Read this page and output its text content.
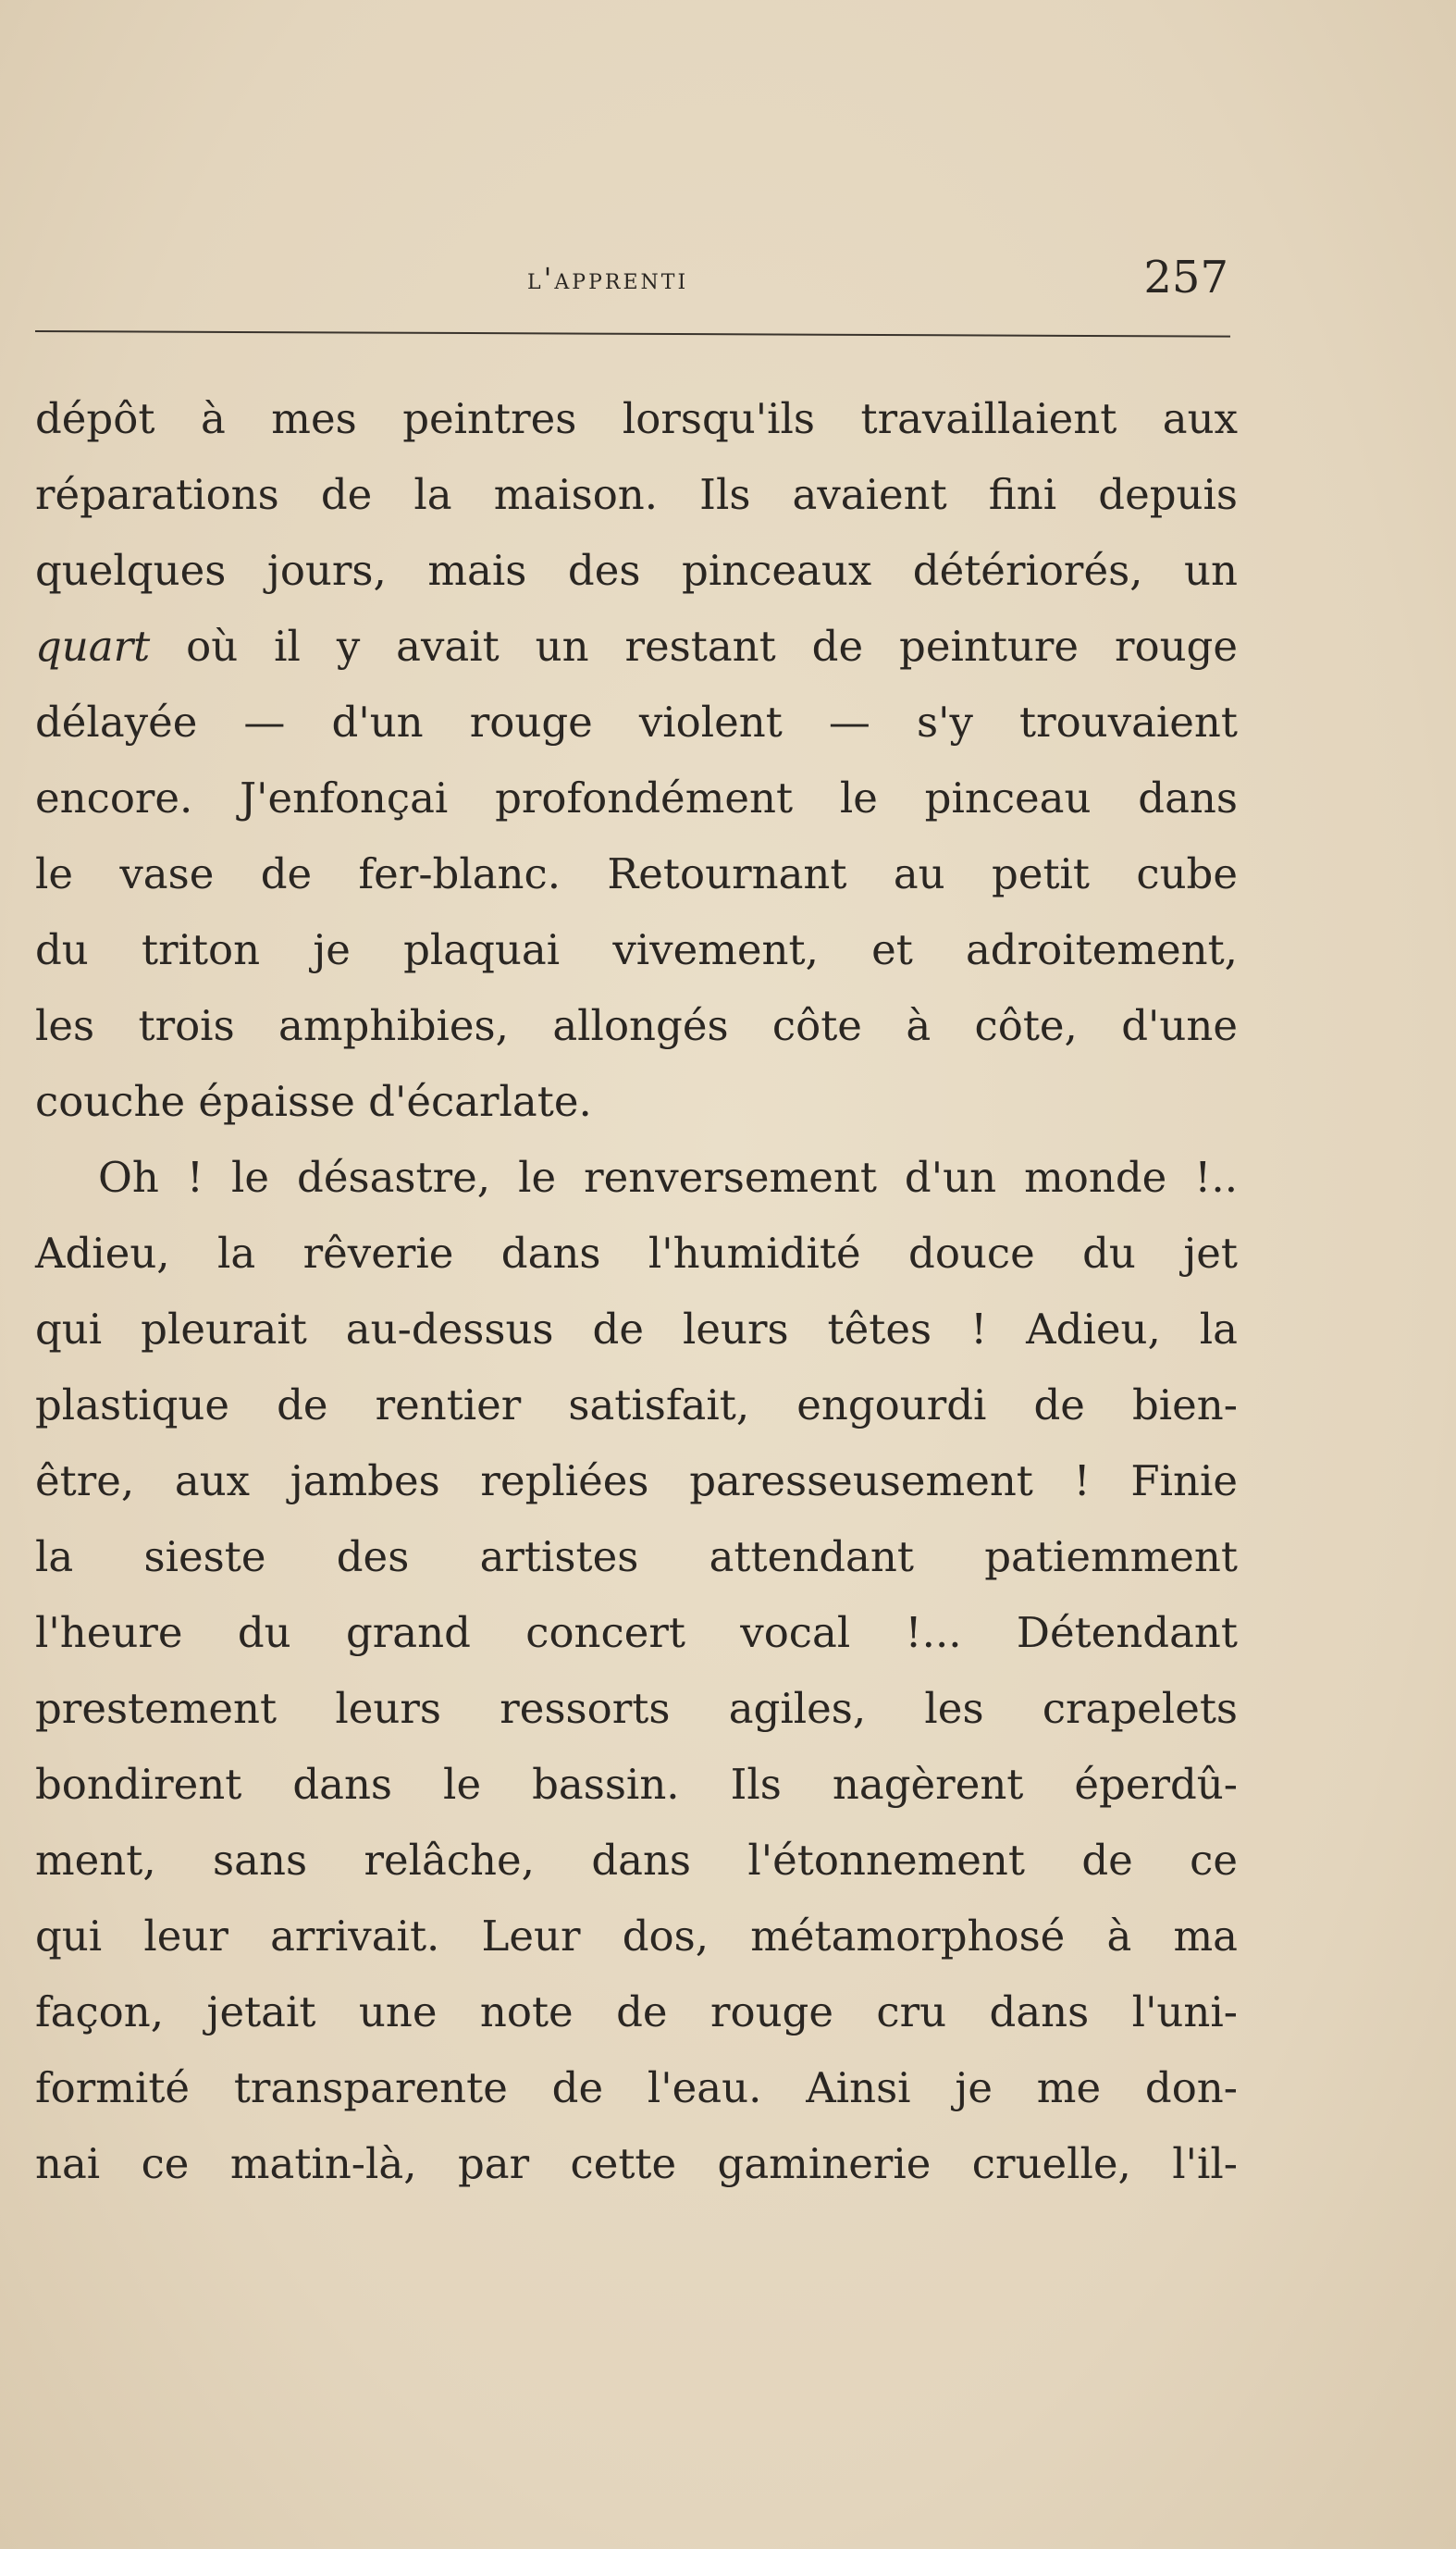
l'apprenti	257
dépôt à mes peintres lorsqu'ils travaillaient aux
réparations de la maison. Ils avaient fini depuis
quelques jours, mais des pinceaux détériorés, un
quart où il y avait un restant de peinture rouge
délayée — d'un rouge violent — s'y trouvaient
encore. J'enfonçai profondément le pinceau dans
le vase de fer-blanc. Retournant au petit cube
du triton je plaquai vivement, et adroitement,
les trois amphibies, allongés côte à côte, d'une
couche épaisse d'écarlate.
Oh ! le désastre, le renversement d'un monde !..
Adieu, la rêverie dans l'humidité douce du jet
qui pleurait au-dessus de leurs têtes ! Adieu, la
plastique de rentier satisfait, engourdi de bien-
être, aux jambes repliées paresseusement ! Finie
la sieste des artistes attendant patiemment
l'heure du grand concert vocal !... Détendant
prestement leurs ressorts agiles, les crapelets
bondirent dans le bassin. Ils nagèrent éperdû-
ment, sans relâche, dans l'étonnement de ce
qui leur arrivait. Leur dos, métamorphosé à ma
façon, jetait une note de rouge cru dans l'uni-
formité transparente de l'eau. Ainsi je me don-
nai ce matin-là, par cette gaminerie cruelle, l'il-
